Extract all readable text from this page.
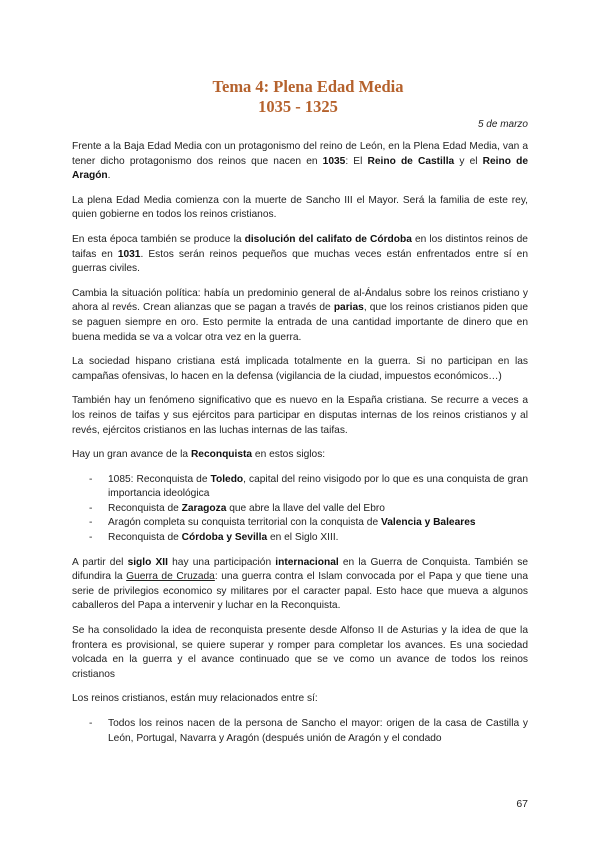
Tema 4: Plena Edad Media
1035 - 1325
5 de marzo

Frente a la Baja Edad Media con un protagonismo del reino de León, en la Plena Edad Media, van a tener dicho protagonismo dos reinos que nacen en 1035: El Reino de Castilla y el Reino de Aragón.

La plena Edad Media comienza con la muerte de Sancho III el Mayor. Será la familia de este rey, quien gobierne en todos los reinos cristianos.

En esta época también se produce la disolución del califato de Córdoba en los distintos reinos de taifas en 1031. Estos serán reinos pequeños que muchas veces están enfrentados entre sí en guerras civiles.

Cambia la situación política: había un predominio general de al-Ándalus sobre los reinos cristiano y ahora al revés. Crean alianzas que se pagan a través de parias, que los reinos cristianos piden que se paguen siempre en oro. Esto permite la entrada de una cantidad importante de dinero que en buena medida se va a volcar otra vez en la guerra.

La sociedad hispano cristiana está implicada totalmente en la guerra. Si no participan en las campañas ofensivas, lo hacen en la defensa (vigilancia de la ciudad, impuestos económicos…)

También hay un fenómeno significativo que es nuevo en la España cristiana. Se recurre a veces a los reinos de taifas y sus ejércitos para participar en disputas internas de los reinos cristianos y al revés, ejércitos cristianos en las luchas internas de las taifas.

Hay un gran avance de la Reconquista en estos siglos:

- 1085: Reconquista de Toledo, capital del reino visigodo por lo que es una conquista de gran importancia ideológica
- Reconquista de Zaragoza que abre la llave del valle del Ebro
- Aragón completa su conquista territorial con la conquista de Valencia y Baleares
- Reconquista de Córdoba y Sevilla en el Siglo XIII.

A partir del siglo XII hay una participación internacional en la Guerra de Conquista. También se difundira la Guerra de Cruzada: una guerra contra el Islam convocada por el Papa y que tiene una serie de privilegios economico sy militares por el caracter papal. Esto hace que mueva a algunos caballeros del Papa a intervenir y luchar en la Reconquista.

Se ha consolidado la idea de reconquista presente desde Alfonso II de Asturias y la idea de que la frontera es provisional, se quiere superar y romper para completar los avances. Es una sociedad volcada en la guerra y el avance continuado que se ve como un avance de todos los reinos cristianos

Los reinos cristianos, están muy relacionados entre sí:

- Todos los reinos nacen de la persona de Sancho el mayor: origen de la casa de Castilla y León, Portugal, Navarra y Aragón (después unión de Aragón y el condado
67
